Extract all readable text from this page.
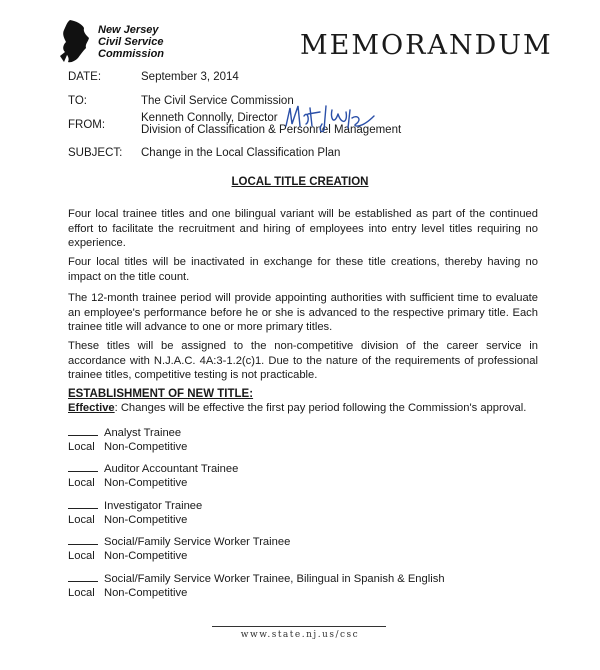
New Jersey
Civil Service
Commission	MEMORANDUM
DATE:	September 3, 2014
TO:	The Civil Service Commission
FROM:
Kenneth Connolly, Director
Division of Classification & Personnel Management
SUBJECT: Change in the Local Classification Plan
LOCAL TITLE CREATION
Four local trainee titles and one bilingual variant will be established as part of the continued effort to facilitate the recruitment and hiring of employees into entry level titles requiring no experience.
Four local titles will be inactivated in exchange for these title creations, thereby having no impact on the title count.
The 12-month trainee period will provide appointing authorities with sufficient time to evaluate an employee's performance before he or she is advanced to the respective primary title. Each trainee title will advance to one or more primary titles.
These titles will be assigned to the non-competitive division of the career service in accordance with N.J.A.C. 4A:3-1.2(c)1. Due to the nature of the requirements of professional trainee titles, competitive testing is not practicable.
ESTABLISHMENT OF NEW TITLE:
Effective: Changes will be effective the first pay period following the Commission's approval.
Analyst Trainee
Local Non-Competitive
Auditor Accountant Trainee
Local Non-Competitive
Investigator Trainee
Local Non-Competitive
Social/Family Service Worker Trainee
Local Non-Competitive
Social/Family Service Worker Trainee, Bilingual in Spanish & English
Local Non-Competitive
www.state.nj.us/csc
